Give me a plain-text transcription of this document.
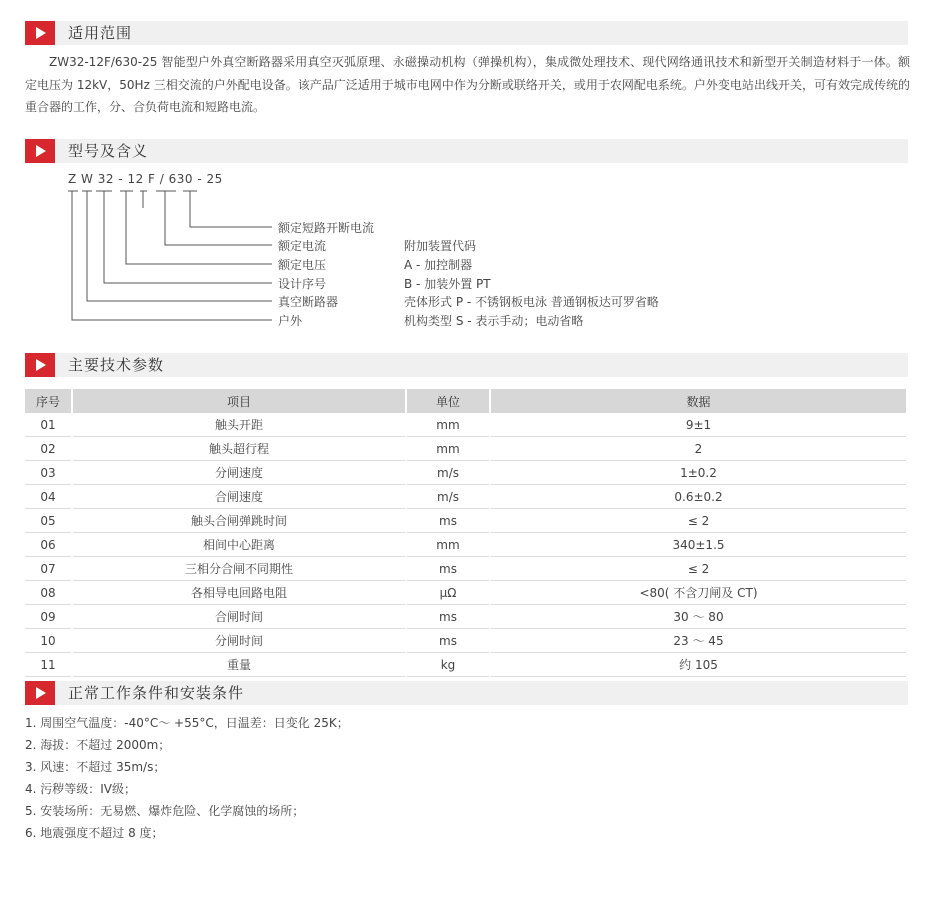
适用范围

ZW32-12F/630-25 智能型户外真空断路器采用真空灭弧原理、永磁操动机构（弹操机构），集成微处理技术、现代网络通讯技术和新型开关制造材料于一体。额定电压为 12kV，50Hz 三相交流的户外配电设备。该产品广泛适用于城市电网中作为分断或联络开关，或用于农网配电系统。户外变电站出线开关，可有效完成传统的重合器的工作，分、合负荷电流和短路电流。

型号及含义
Z W 32 - 12 F / 630 - 25
额定短路开断电流
额定电流
额定电压
设计序号
真空断路器
户外
附加装置代码
A - 加控制器
B - 加装外置 PT
壳体形式 P - 不锈钢板电泳 普通钢板达可罗省略
机构类型 S - 表示手动；电动省略
主要技术参数
序号	项目	单位	数据
01	触头开距	mm	9±1
02	触头超行程	mm	2
03	分闸速度	m/s	1±0.2
04	合闸速度	m/s	0.6±0.2
05	触头合闸弹跳时间	ms	≤ 2
06	相间中心距离	mm	340±1.5
07	三相分合闸不同期性	ms	≤ 2
08	各相导电回路电阻	μΩ	<80( 不含刀闸及 CT)
09	合闸时间	ms	30 ～ 80
10	分闸时间	ms	23 ～ 45
11	重量	kg	约 105
正常工作条件和安装条件
1. 周围空气温度：-40°C～ +55°C，日温差：日变化 25K；
2. 海拔：不超过 2000m；
3. 风速：不超过 35m/s；
4. 污秽等级：IV级；
5. 安装场所：无易燃、爆炸危险、化学腐蚀的场所；
6. 地震强度不超过 8 度；
